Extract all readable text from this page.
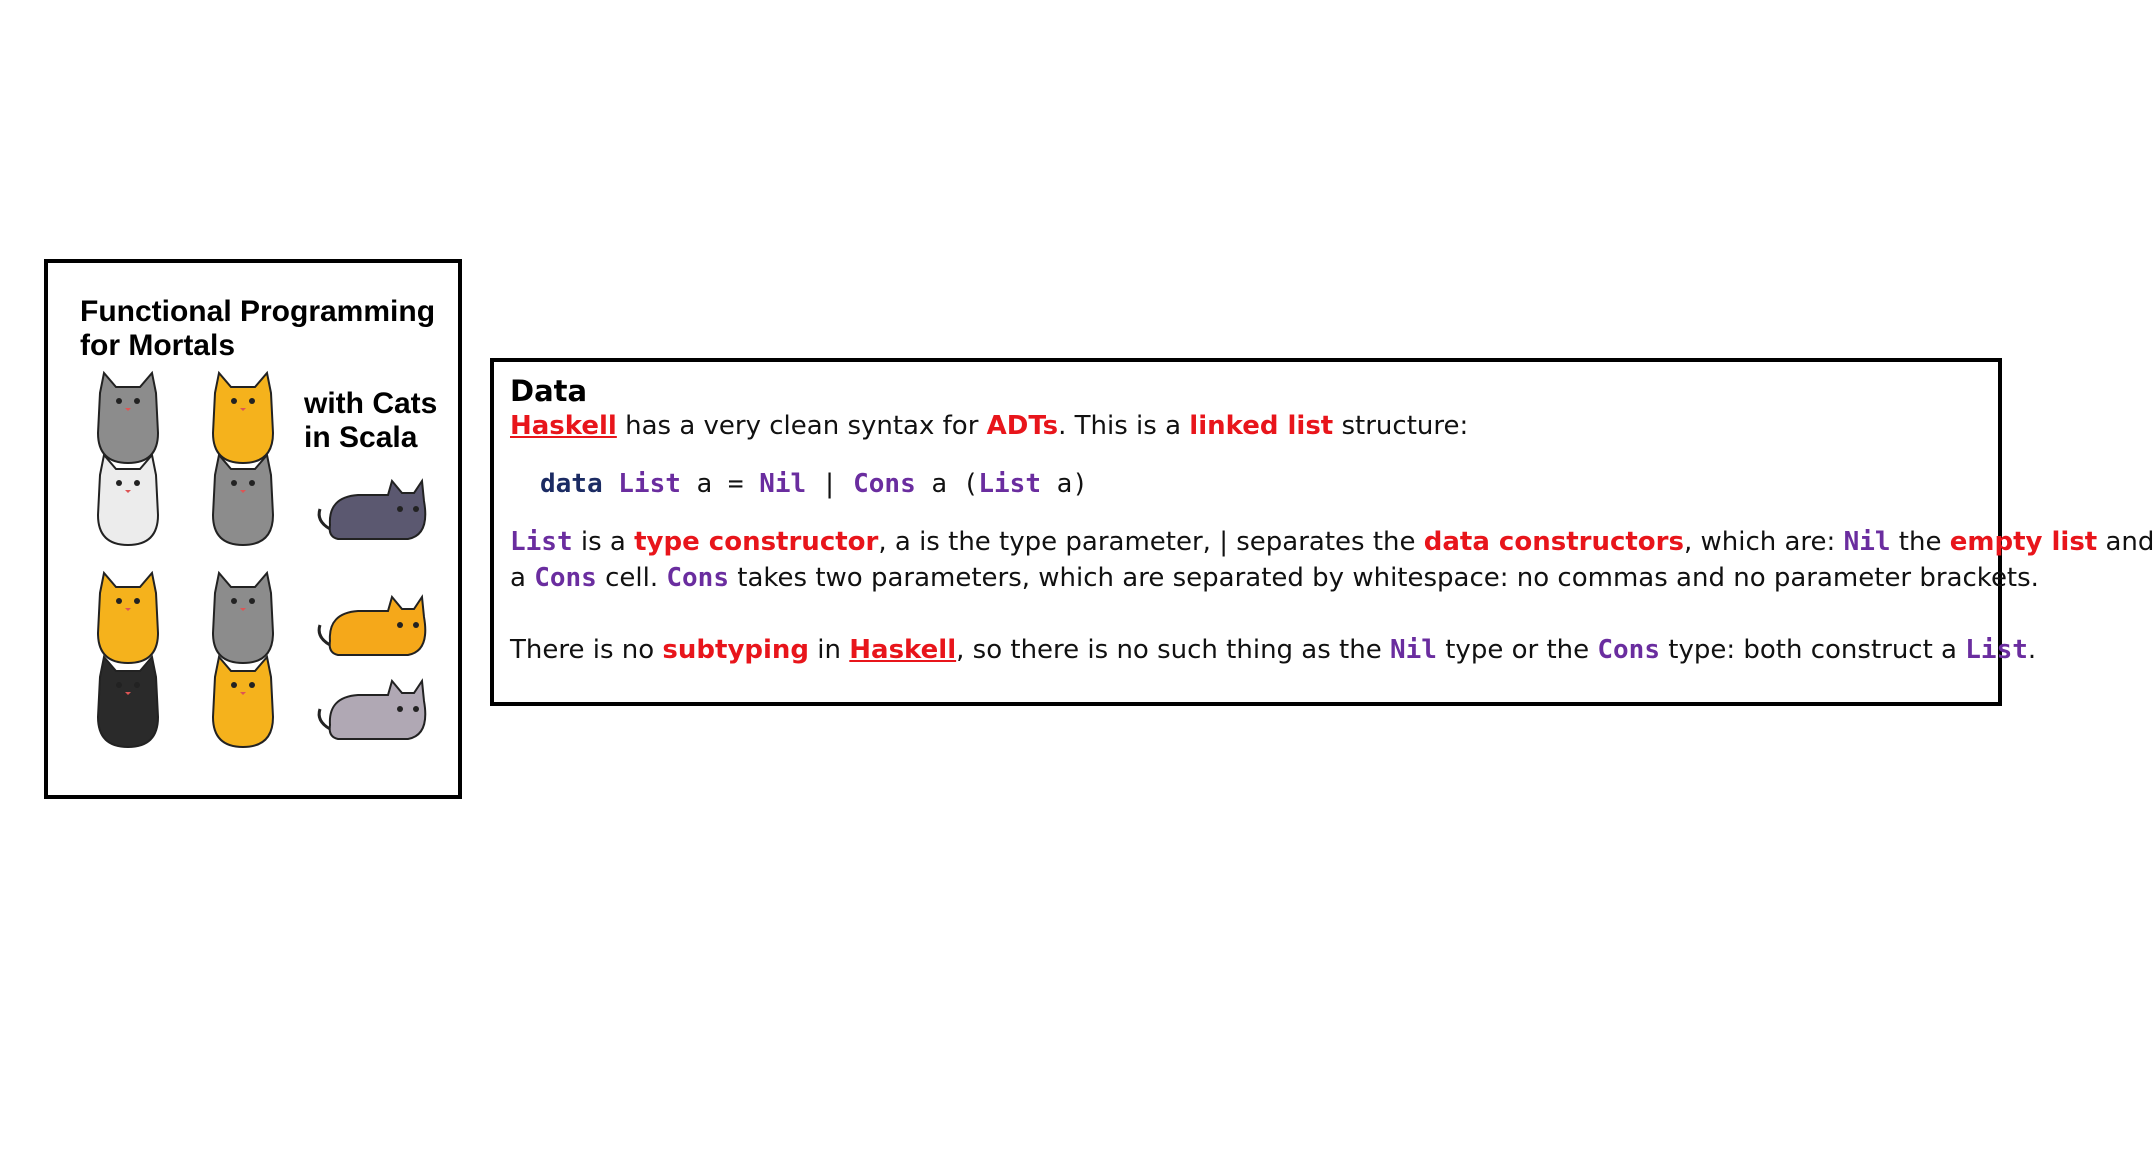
Functional Programming
for Mortals
with Cats
in Scala
Data
Haskell has a very clean syntax for ADTs. This is a linked list structure:
data List a = Nil | Cons a (List a)
List is a type constructor, a is the type parameter, | separates the data constructors, which are: Nil the empty list and
a Cons cell. Cons takes two parameters, which are separated by whitespace: no commas and no parameter brackets.
There is no subtyping in Haskell, so there is no such thing as the Nil type or the Cons type: both construct a List.
